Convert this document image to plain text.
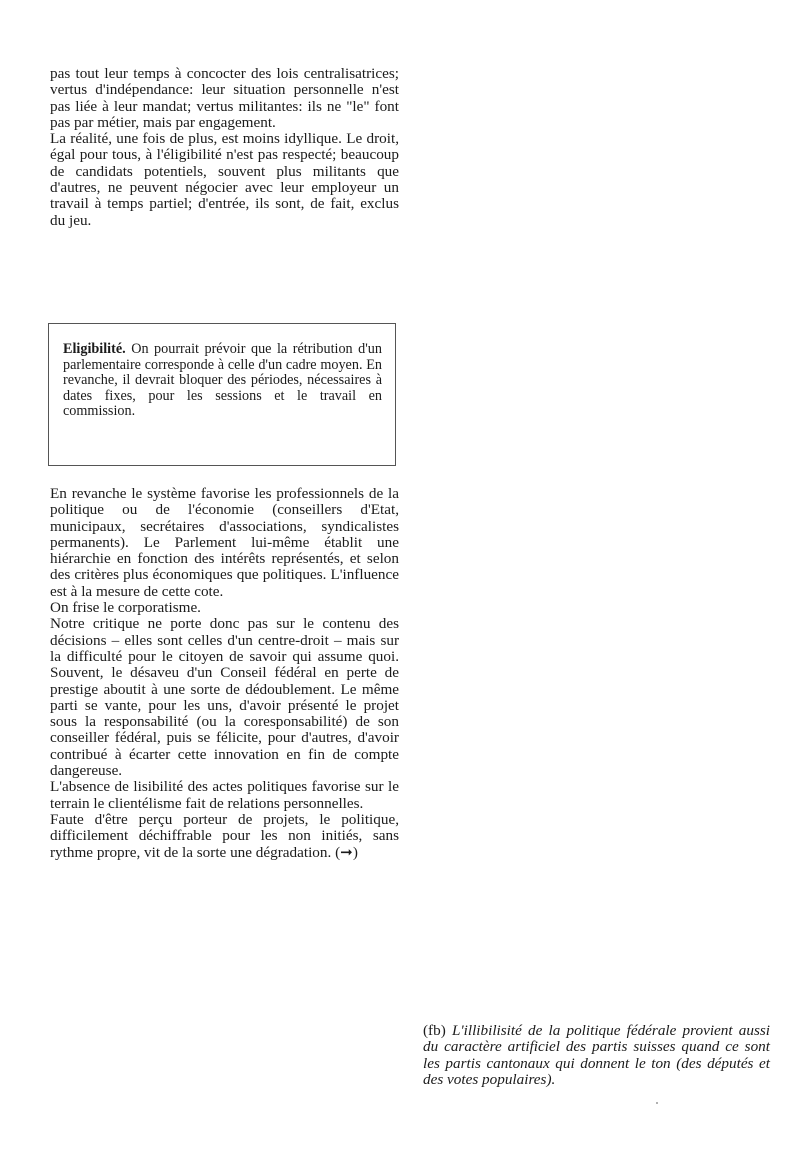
pas tout leur temps à concocter des lois centralisatrices; vertus d'indépendance: leur situation personnelle n'est pas liée à leur mandat; vertus militantes: ils ne "le" font pas par métier, mais par engagement.

La réalité, une fois de plus, est moins idyllique. Le droit, égal pour tous, à l'éligibilité n'est pas respecté; beaucoup de candidats potentiels, souvent plus militants que d'autres, ne peuvent négocier avec leur employeur un travail à temps partiel; d'entrée, ils sont, de fait, exclus du jeu.

Eligibilité. On pourrait prévoir que la rétribution d'un parlementaire corresponde à celle d'un cadre moyen. En revanche, il devrait bloquer des périodes, nécessaires à dates fixes, pour les sessions et le travail en commission.

En revanche le système favorise les professionnels de la politique ou de l'économie (conseillers d'Etat, municipaux, secrétaires d'associations, syndicalistes permanents). Le Parlement lui-même établit une hiérarchie en fonction des intérêts représentés, et selon des critères plus économiques que politiques. L'influence est à la mesure de cette cote.

On frise le corporatisme.

Notre critique ne porte donc pas sur le contenu des décisions – elles sont celles d'un centre-droit – mais sur la difficulté pour le citoyen de savoir qui assume quoi. Souvent, le désaveu d'un Conseil fédéral en perte de prestige aboutit à une sorte de dédoublement. Le même parti se vante, pour les uns, d'avoir présenté le projet sous la responsabilité (ou la coresponsabilité) de son conseiller fédéral, puis se félicite, pour d'autres, d'avoir contribué à écarter cette innovation en fin de compte dangereuse.

L'absence de lisibilité des actes politiques favorise sur le terrain le clientélisme fait de relations personnelles.

Faute d'être perçu porteur de projets, le politique, difficilement déchiffrable pour les non initiés, sans rythme propre, vit de la sorte une dégradation. (➞)

(fb) L'illibilisité de la politique fédérale provient aussi du caractère artificiel des partis suisses quand ce sont les partis cantonaux qui donnent le ton (des députés et des votes populaires).
